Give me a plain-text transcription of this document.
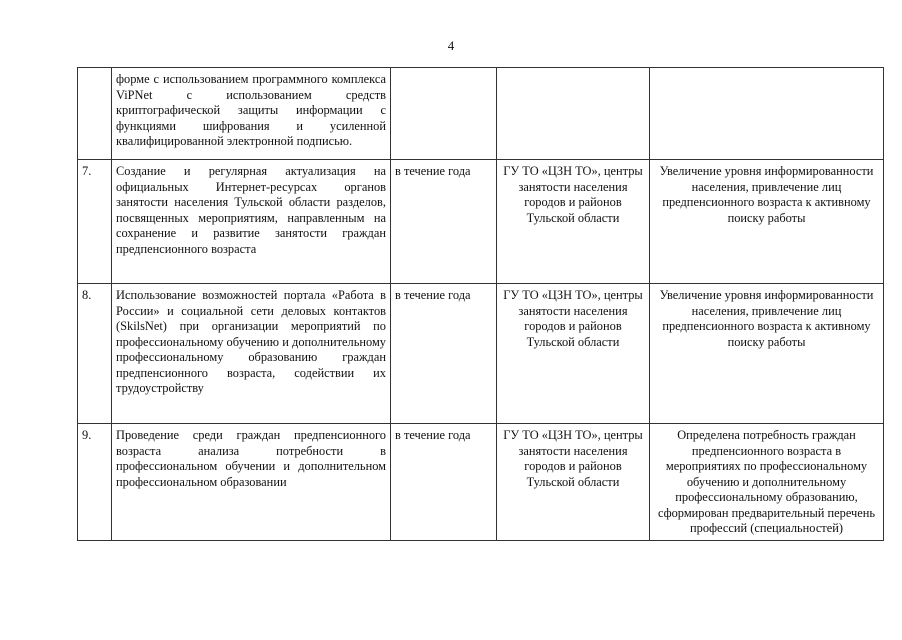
4
	форме с использованием программного комплекса ViPNet с использованием средств криптографической защиты информации с функциями шифрования и усиленной квалифицированной электронной подписью.			
7.	Создание и регулярная актуализация на официальных Интернет-ресурсах органов занятости населения Тульской области разделов, посвященных мероприятиям, направленным на сохранение и развитие занятости граждан предпенсионного возраста	в течение года	ГУ ТО «ЦЗН ТО», центры занятости населения городов и районов Тульской области	Увеличение уровня информированности населения, привлечение лиц предпенсионного возраста к активному поиску работы
8.	Использование возможностей портала «Работа в России» и социальной сети деловых контактов (SkilsNet) при организации мероприятий по профессиональному обучению и дополнительному профессиональному образованию граждан предпенсионного возраста, содействии их трудоустройству	в течение года	ГУ ТО «ЦЗН ТО», центры занятости населения городов и районов Тульской области	Увеличение уровня информированности населения, привлечение лиц предпенсионного возраста к активному поиску работы
9.	Проведение среди граждан предпенсионного возраста анализа потребности в профессиональном обучении и дополнительном профессиональном образовании	в течение года	ГУ ТО «ЦЗН ТО», центры занятости населения городов и районов Тульской области	Определена потребность граждан предпенсионного возраста в мероприятиях по профессиональному обучению и дополнительному профессиональному образованию, сформирован предварительный перечень профессий (специальностей)
